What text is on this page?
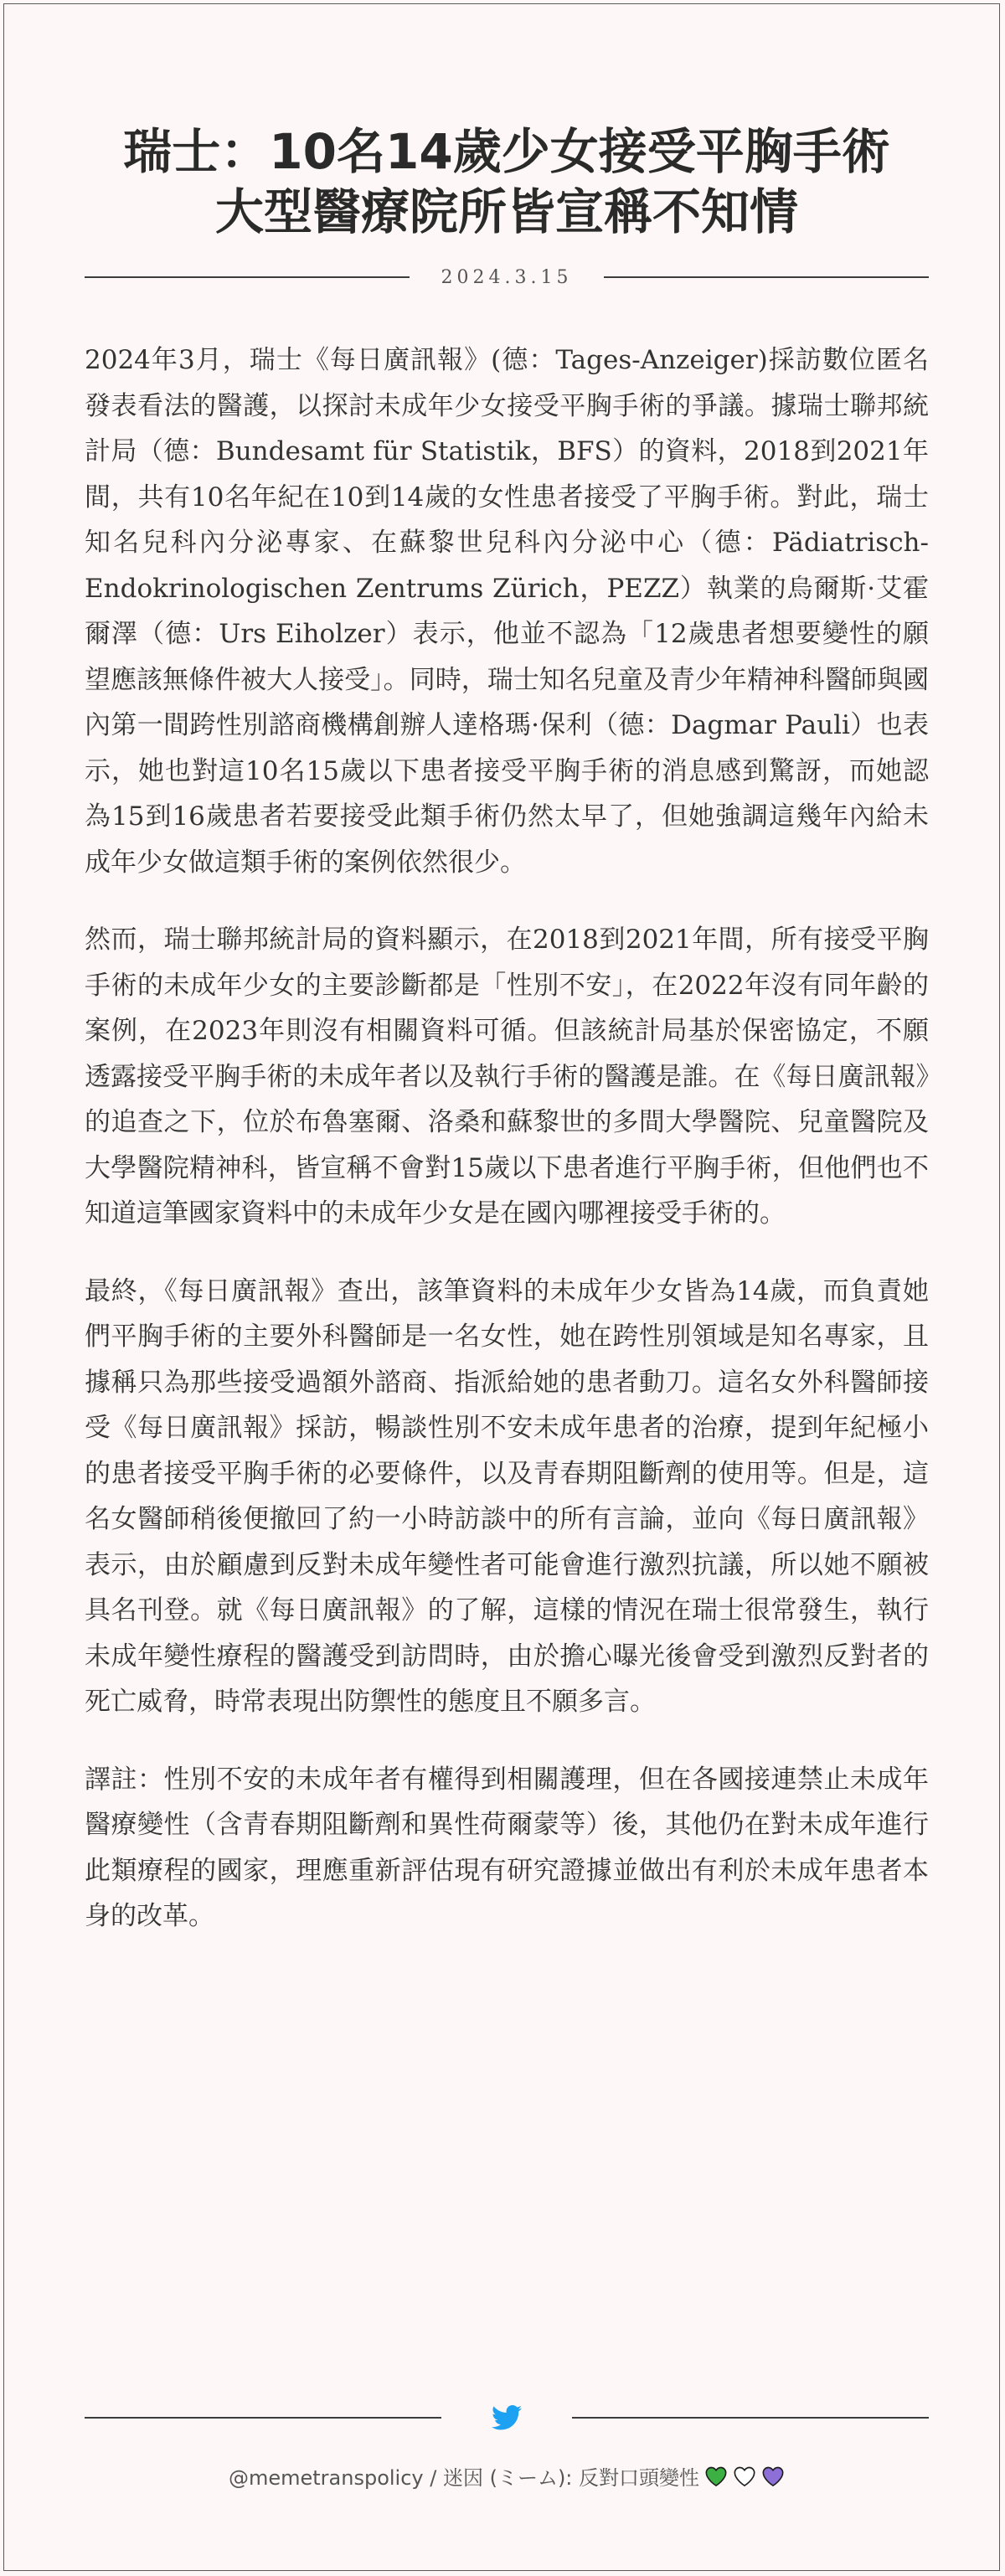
瑞士：10名14歲少女接受平胸手術 大型醫療院所皆宣稱不知情
2024.3.15

2024年3月，瑞士《每日廣訊報》(德：Tages-Anzeiger)採訪數位匿名發表看法的醫護，以探討未成年少女接受平胸手術的爭議。據瑞士聯邦統計局（德：Bundesamt für Statistik，BFS）的資料，2018到2021年間，共有10名年紀在10到14歲的女性患者接受了平胸手術。對此，瑞士知名兒科內分泌專家、在蘇黎世兒科內分泌中心（德：Pädiatrisch-Endokrinologischen Zentrums Zürich，PEZZ）執業的烏爾斯·艾霍爾澤（德：Urs Eiholzer）表示，他並不認為「12歲患者想要變性的願望應該無條件被大人接受」。同時，瑞士知名兒童及青少年精神科醫師與國內第一間跨性別諮商機構創辦人達格瑪·保利（德：Dagmar Pauli）也表示，她也對這10名15歲以下患者接受平胸手術的消息感到驚訝，而她認為15到16歲患者若要接受此類手術仍然太早了，但她強調這幾年內給未成年少女做這類手術的案例依然很少。

然而，瑞士聯邦統計局的資料顯示，在2018到2021年間，所有接受平胸手術的未成年少女的主要診斷都是「性別不安」，在2022年沒有同年齡的案例，在2023年則沒有相關資料可循。但該統計局基於保密協定，不願透露接受平胸手術的未成年者以及執行手術的醫護是誰。在《每日廣訊報》的追查之下，位於布魯塞爾、洛桑和蘇黎世的多間大學醫院、兒童醫院及大學醫院精神科，皆宣稱不會對15歲以下患者進行平胸手術，但他們也不知道這筆國家資料中的未成年少女是在國內哪裡接受手術的。

最終，《每日廣訊報》查出，該筆資料的未成年少女皆為14歲，而負責她們平胸手術的主要外科醫師是一名女性，她在跨性別領域是知名專家，且據稱只為那些接受過額外諮商、指派給她的患者動刀。這名女外科醫師接受《每日廣訊報》採訪，暢談性別不安未成年患者的治療，提到年紀極小的患者接受平胸手術的必要條件，以及青春期阻斷劑的使用等。但是，這名女醫師稍後便撤回了約一小時訪談中的所有言論，並向《每日廣訊報》表示，由於顧慮到反對未成年變性者可能會進行激烈抗議，所以她不願被具名刊登。就《每日廣訊報》的了解，這樣的情況在瑞士很常發生，執行未成年變性療程的醫護受到訪問時，由於擔心曝光後會受到激烈反對者的死亡威脅，時常表現出防禦性的態度且不願多言。

譯註：性別不安的未成年者有權得到相關護理，但在各國接連禁止未成年醫療變性（含青春期阻斷劑和異性荷爾蒙等）後，其他仍在對未成年進行此類療程的國家，理應重新評估現有研究證據並做出有利於未成年患者本身的改革。

@memetranspolicy / 迷因 (ミーム): 反對口頭變性
